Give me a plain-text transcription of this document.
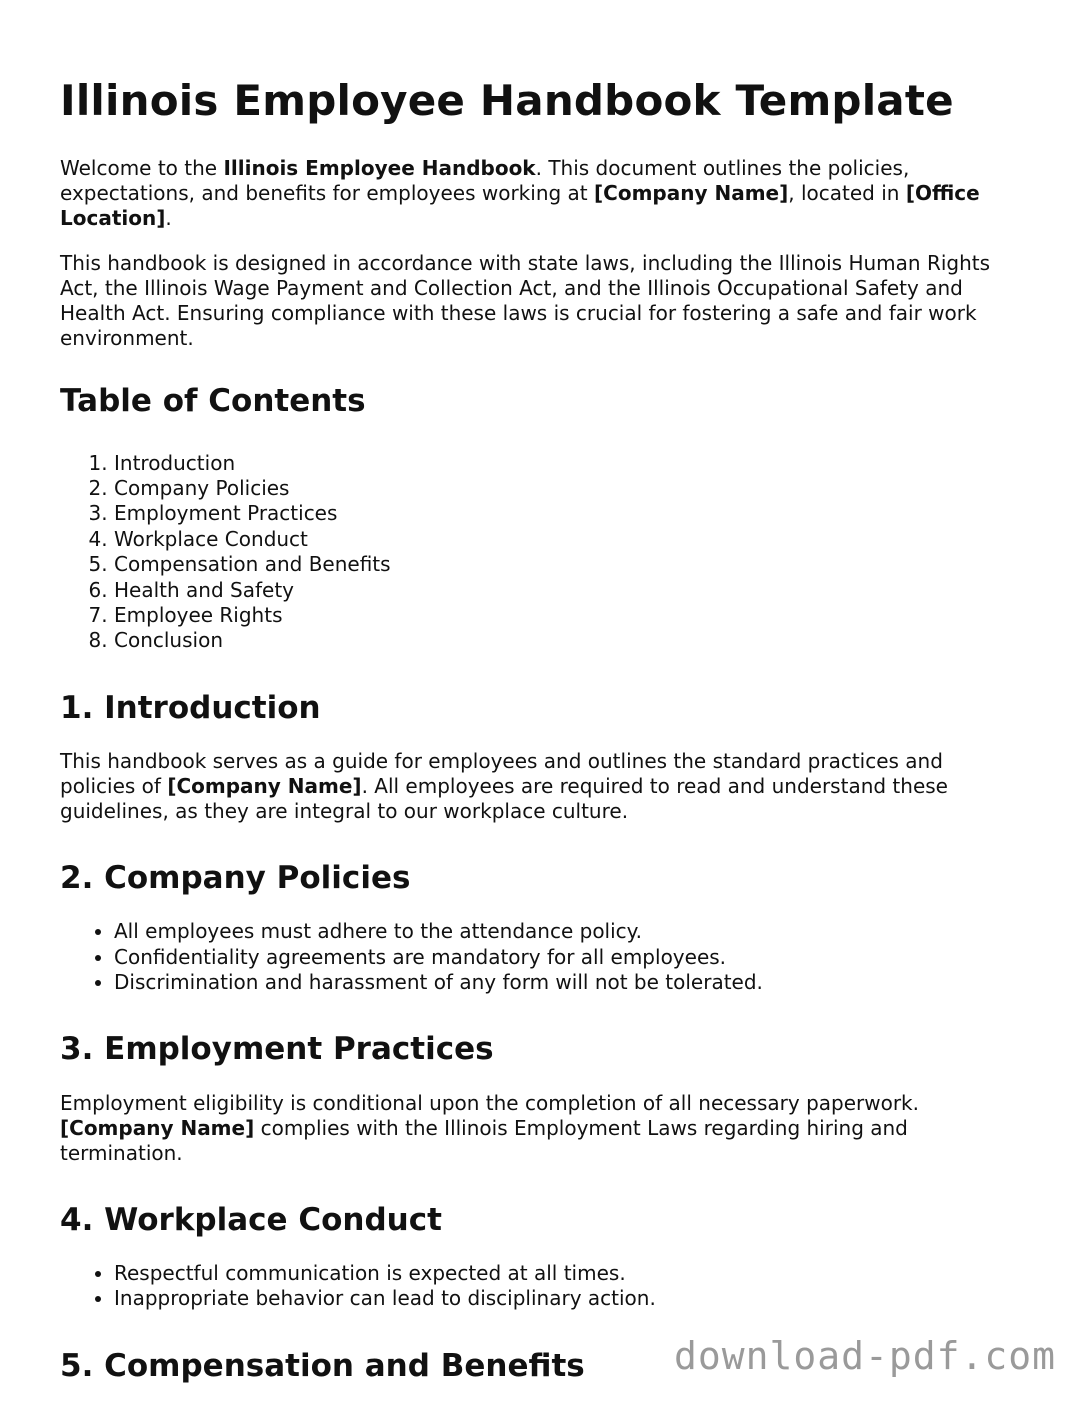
Illinois Employee Handbook Template

Welcome to the Illinois Employee Handbook. This document outlines the policies, expectations, and benefits for employees working at [Company Name], located in [Office Location].

This handbook is designed in accordance with state laws, including the Illinois Human Rights Act, the Illinois Wage Payment and Collection Act, and the Illinois Occupational Safety and Health Act. Ensuring compliance with these laws is crucial for fostering a safe and fair work environment.

Table of Contents
1. Introduction
2. Company Policies
3. Employment Practices
4. Workplace Conduct
5. Compensation and Benefits
6. Health and Safety
7. Employee Rights
8. Conclusion
1. Introduction

This handbook serves as a guide for employees and outlines the standard practices and policies of [Company Name]. All employees are required to read and understand these guidelines, as they are integral to our workplace culture.

2. Company Policies
• All employees must adhere to the attendance policy.
• Confidentiality agreements are mandatory for all employees.
• Discrimination and harassment of any form will not be tolerated.
3. Employment Practices

Employment eligibility is conditional upon the completion of all necessary paperwork. [Company Name] complies with the Illinois Employment Laws regarding hiring and termination.

4. Workplace Conduct
• Respectful communication is expected at all times.
• Inappropriate behavior can lead to disciplinary action.
5. Compensation and Benefits	download-pdf.com
